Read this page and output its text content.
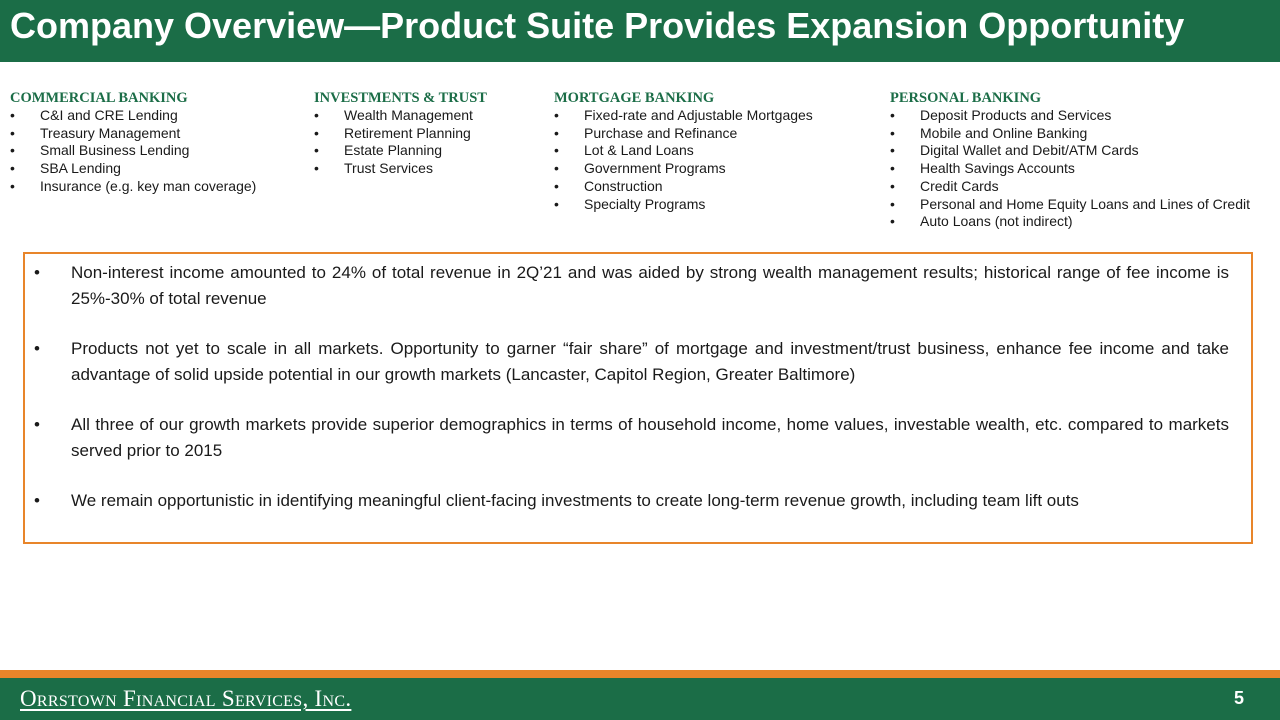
Company Overview—Product Suite Provides Expansion Opportunity
COMMERCIAL BANKING
• C&I and CRE Lending
• Treasury Management
• Small Business Lending
• SBA Lending
• Insurance (e.g. key man coverage)
INVESTMENTS & TRUST
• Wealth Management
• Retirement Planning
• Estate Planning
• Trust Services
MORTGAGE BANKING
• Fixed-rate and Adjustable Mortgages
• Purchase and Refinance
• Lot & Land Loans
• Government Programs
• Construction
• Specialty Programs
PERSONAL BANKING
• Deposit Products and Services
• Mobile and Online Banking
• Digital Wallet and Debit/ATM Cards
• Health Savings Accounts
• Credit Cards
• Personal and Home Equity Loans and Lines of Credit
• Auto Loans (not indirect)
• Non-interest income amounted to 24% of total revenue in 2Q’21 and was aided by strong wealth management results; historical range of fee income is 25%-30% of total revenue
• Products not yet to scale in all markets. Opportunity to garner “fair share” of mortgage and investment/trust business, enhance fee income and take advantage of solid upside potential in our growth markets (Lancaster, Capitol Region, Greater Baltimore)
• All three of our growth markets provide superior demographics in terms of household income, home values, investable wealth, etc. compared to markets served prior to 2015
• We remain opportunistic in identifying meaningful client-facing investments to create long-term revenue growth, including team lift outs
Orrstown Financial Services, Inc.	5
